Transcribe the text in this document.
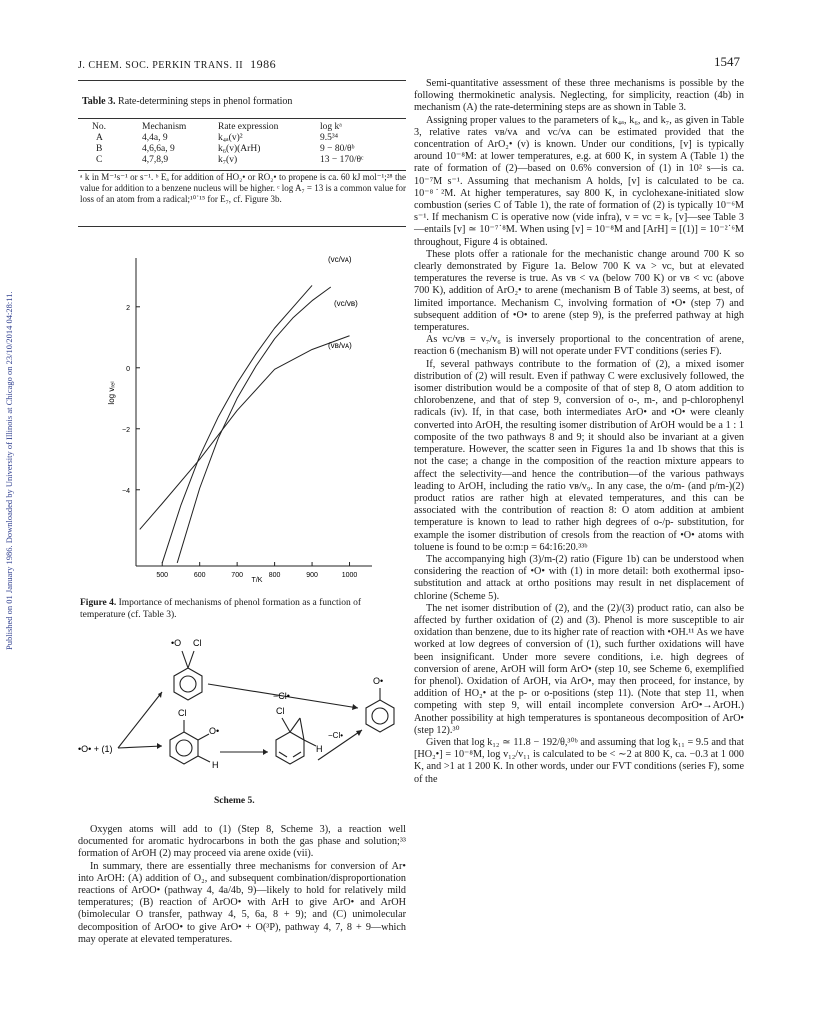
Published on 01 January 1986. Downloaded by University of Illinois at Chicago on 23/10/2014 04:28:11.
J. CHEM. SOC. PERKIN TRANS. II 1986	1547
Table 3. Rate-determining steps in phenol formation
No.	Mechanism	Rate expression	log kᵃ
A	4,4a, 9	k₄ₐ(v)²	9.5³⁴
B	4,6,6a, 9	k₆(v)(ArH)	9 − 80/θᵇ
C	4,7,8,9	k₇(v)	13 − 170/θᶜ
ᵃ k in M⁻¹s⁻¹ or s⁻¹. ᵇ Eₐ for addition of HO₂• or RO₂• to propene is ca. 60 kJ mol⁻¹;²⁸ the value for addition to a benzene nucleus will be higher. ᶜ log A₇ = 13 is a common value for loss of an atom from a radical;¹⁰˙¹⁵ for E₇, cf. Figure 3b.
500	600	700	800	900	1000
2
0
−2
−4
(vᴄ/vᴀ)
(vᴄ/vʙ)
(vʙ/vᴀ)
log vᵣₑₗ
T/K
Figure 4. Importance of mechanisms of phenol formation as a function of temperature (cf. Table 3).
•O• + (1)
•O Cl
−Cl•
O•
Cl
O•
H
Cl
H
−Cl•
Scheme 5.

Oxygen atoms will add to (1) (Step 8, Scheme 3), a reaction well documented for aromatic hydrocarbons in both the gas phase and solution;³³ formation of ArOH (2) may proceed via arene oxide (vii).

In summary, there are essentially three mechanisms for conversion of Ar• into ArOH: (A) addition of O₂, and subsequent combination/disproportionation reactions of ArOO• (pathway 4, 4a/4b, 9)—likely to hold for relatively mild temperatures; (B) reaction of ArOO• with ArH to give ArO• and ArOH (bimolecular O transfer, pathway 4, 5, 6a, 8 + 9); and (C) unimolecular decomposition of ArOO• to give ArO• + O(³P), pathway 4, 7, 8 + 9—which may operate at elevated temperatures.

Semi-quantitative assessment of these three mechanisms is possible by the following thermokinetic analysis. Neglecting, for simplicity, reaction (4b) in mechanism (A) the rate-determining steps are as shown in Table 3.

Assigning proper values to the parameters of k₄ₐ, k₆, and k₇, as given in Table 3, relative rates vʙ/vᴀ and vᴄ/vᴀ can be estimated provided that the concentration of ArO₂• (v) is known. Under our conditions, [v] is typically around 10⁻⁸M: at lower temperatures, e.g. at 600 K, in system A (Table 1) the rate of formation of (2)—based on 0.6% conversion of (1) in 10² s—is ca. 10⁻⁷M s⁻¹. Assuming that mechanism A holds, [v] is calculated to be ca. 10⁻⁸˙²M. At higher temperatures, say 800 K, in cyclohexane-initiated slow combustion (series C of Table 1), the rate of formation of (2) is typically 10⁻⁶M s⁻¹. If mechanism C is operative now (vide infra), v = vᴄ = k₇ [v]—see Table 3—entails [v] ≃ 10⁻⁷˙⁸M. When using [v] = 10⁻⁸M and [ArH] = [(1)] = 10⁻²˙⁶M throughout, Figure 4 is obtained.

These plots offer a rationale for the mechanistic change around 700 K so clearly demonstrated by Figure 1a. Below 700 K vᴀ > vᴄ, but at elevated temperatures the reverse is true. As vʙ < vᴀ (below 700 K) or vʙ < vᴄ (above 700 K), addition of ArO₂• to arene (mechanism B of Table 3) seems, at best, of limited importance. Mechanism C, involving formation of •O• (step 7) and subsequent addition of •O• to arene (step 9), is the preferred pathway at high temperatures.

As vᴄ/vʙ = v₇/v₆ is inversely proportional to the concentration of arene, reaction 6 (mechanism B) will not operate under FVT conditions (series F).

If, several pathways contribute to the formation of (2), a mixed isomer distribution of (2) will result. Even if pathway C were exclusively followed, the isomer distribution would be a composite of that of step 8, O atom addition to chlorobenzene, and that of step 9, conversion of o-, m-, and p-chlorophenyl radicals (iv). If, in that case, both intermediates ArO• and •O• were cleanly converted into ArOH, the resulting isomer distribution of ArOH would be a 1 : 1 composite of the two pathways 8 and 9; it should also be invariant at a given temperature. However, the scatter seen in Figures 1a and 1b shows that this is not the case; a change in the composition of the reaction mixture appears to affect the selectivity—and hence the contribution—of the various pathways leading to ArOH, including the ratio vʙ/v₉. In any case, the o/m- (and p/m-)(2) product ratios are rather high at elevated temperatures, and this can be associated with the contribution of reaction 8: O atom addition at ambient temperature is known to lead to rather high degrees of o-/p- substitution, for example the isomer distribution of cresols from the reaction of •O• atoms with toluene is found to be o:m:p = 64:16:20.³³ᵇ

The accompanying high (3)/m-(2) ratio (Figure 1b) can be understood when considering the reaction of •O• with (1) in more detail: both exothermal ipso-substitution and attack at ortho positions may result in net displacement of chlorine (Scheme 5).

The net isomer distribution of (2), and the (2)/(3) product ratio, can also be affected by further oxidation of (2) and (3). Phenol is more susceptible to air oxidation than benzene, due to its higher rate of reaction with •OH.¹¹ As we have worked at low degrees of conversion of (1), such further oxidations will have been insignificant. Under more severe conditions, i.e. high degrees of conversion of arene, ArOH will form ArO• (step 10, see Scheme 6, exemplified for phenol). Oxidation of ArOH, via ArO•, may then proceed, for instance, by addition of HO₂• at the p- or o-positions (step 11). (Note that step 11, when competing with step 9, will entail incomplete conversion ArO•→ArOH.) Another possibility at high temperatures is spontaneous decomposition of ArO• (step 12).³⁰

Given that log k₁₂ ≃ 11.8 − 192/θ,³⁰ᵇ and assuming that log k₁₁ = 9.5 and that [HO₂•] = 10⁻⁸M, log v₁₂/v₁₁ is calculated to be < ∼2 at 800 K, ca. −0.3 at 1 000 K, and >1 at 1 200 K. In other words, under our FVT conditions (series F), some of the
